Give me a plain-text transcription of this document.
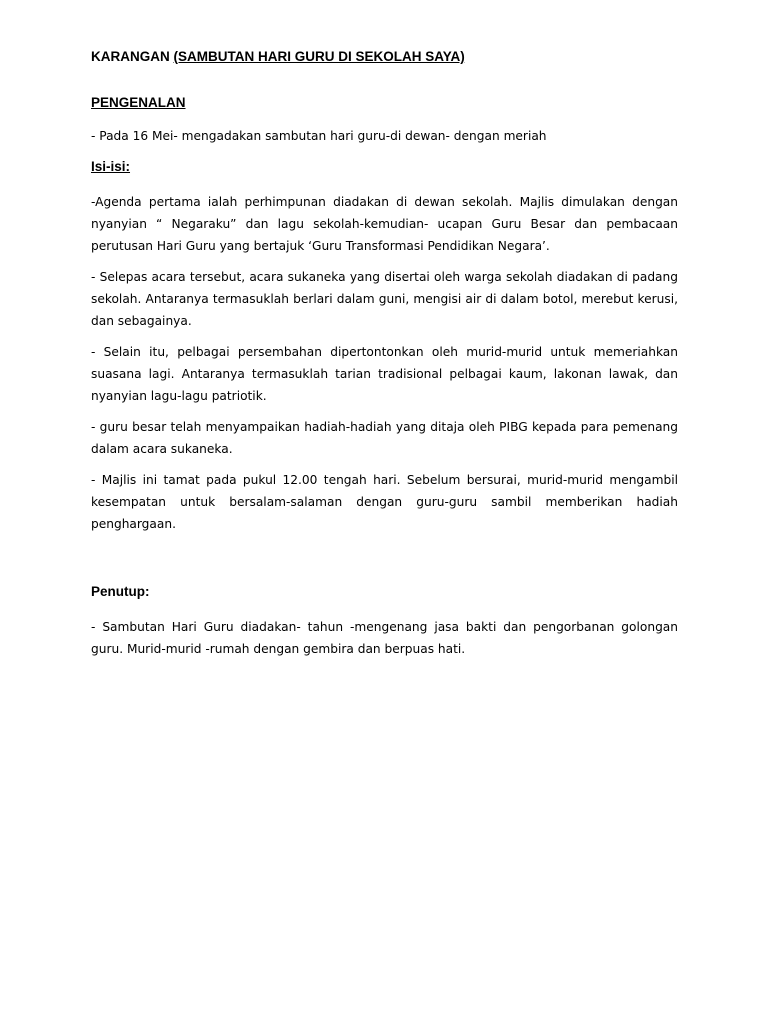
KARANGAN (SAMBUTAN HARI GURU DI SEKOLAH SAYA)

PENGENALAN

- Pada 16 Mei- mengadakan sambutan hari guru-di dewan- dengan meriah

Isi-isi:

-Agenda pertama ialah perhimpunan diadakan di dewan sekolah. Majlis dimulakan dengan nyanyian “ Negaraku” dan lagu sekolah-kemudian- ucapan Guru Besar dan pembacaan perutusan Hari Guru yang bertajuk ‘Guru Transformasi Pendidikan Negara’.

- Selepas acara tersebut, acara sukaneka yang disertai oleh warga sekolah diadakan di padang sekolah. Antaranya termasuklah berlari dalam guni, mengisi air di dalam botol, merebut kerusi, dan sebagainya.

- Selain itu, pelbagai persembahan dipertontonkan oleh murid-murid untuk memeriahkan suasana lagi. Antaranya termasuklah tarian tradisional pelbagai kaum, lakonan lawak, dan nyanyian lagu-lagu patriotik.

- guru besar telah menyampaikan hadiah-hadiah yang ditaja oleh PIBG kepada para pemenang dalam acara sukaneka.

- Majlis ini tamat pada pukul 12.00 tengah hari. Sebelum bersurai, murid-murid mengambil kesempatan untuk bersalam-salaman dengan guru-guru sambil memberikan hadiah penghargaan.

Penutup:

- Sambutan Hari Guru diadakan- tahun -mengenang jasa bakti dan pengorbanan golongan guru. Murid-murid -rumah dengan gembira dan berpuas hati.
